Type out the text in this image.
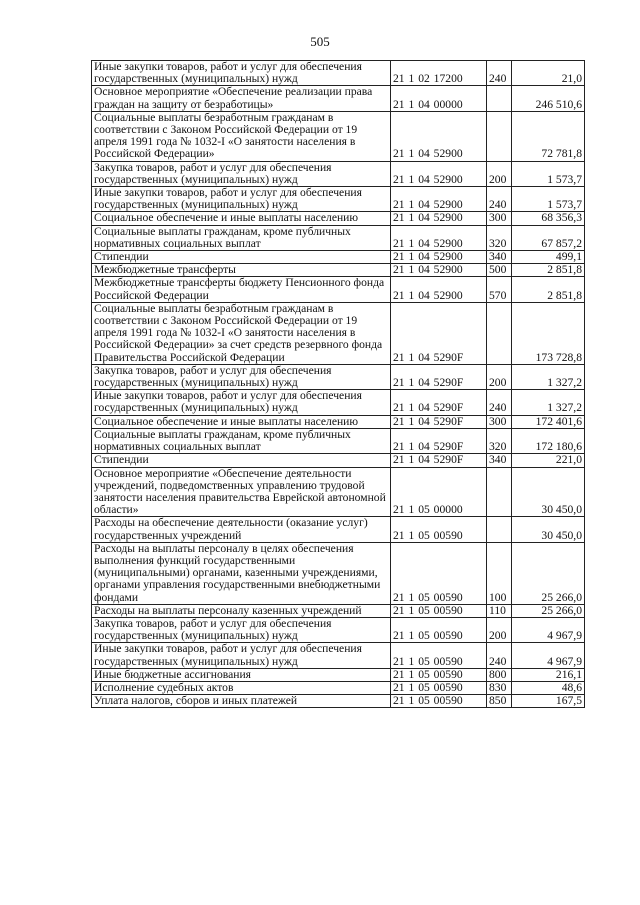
505
Иные закупки товаров, работ и услуг для обеспечения государственных (муниципальных) нужд	21 1 02 17200	240	21,0
Основное мероприятие «Обеспечение реализации права граждан на защиту от безработицы»	21 1 04 00000		246 510,6
Социальные выплаты безработным гражданам в соответствии с Законом Российской Федерации от 19 апреля 1991 года № 1032-I «О занятости населения в Российской Федерации»	21 1 04 52900		72 781,8
Закупка товаров, работ и услуг для обеспечения государственных (муниципальных) нужд	21 1 04 52900	200	1 573,7
Иные закупки товаров, работ и услуг для обеспечения государственных (муниципальных) нужд	21 1 04 52900	240	1 573,7
Социальное обеспечение и иные выплаты населению	21 1 04 52900	300	68 356,3
Социальные выплаты гражданам, кроме публичных нормативных социальных выплат	21 1 04 52900	320	67 857,2
Стипендии	21 1 04 52900	340	499,1
Межбюджетные трансферты	21 1 04 52900	500	2 851,8
Межбюджетные трансферты бюджету Пенсионного фонда Российской Федерации	21 1 04 52900	570	2 851,8
Социальные выплаты безработным гражданам в соответствии с Законом Российской Федерации от 19 апреля 1991 года № 1032-I «О занятости населения в Российской Федерации» за счет средств резервного фонда Правительства Российской Федерации	21 1 04 5290F		173 728,8
Закупка товаров, работ и услуг для обеспечения государственных (муниципальных) нужд	21 1 04 5290F	200	1 327,2
Иные закупки товаров, работ и услуг для обеспечения государственных (муниципальных) нужд	21 1 04 5290F	240	1 327,2
Социальное обеспечение и иные выплаты населению	21 1 04 5290F	300	172 401,6
Социальные выплаты гражданам, кроме публичных нормативных социальных выплат	21 1 04 5290F	320	172 180,6
Стипендии	21 1 04 5290F	340	221,0
Основное мероприятие «Обеспечение деятельности учреждений, подведомственных управлению трудовой занятости населения правительства Еврейской автономной области»	21 1 05 00000		30 450,0
Расходы на обеспечение деятельности (оказание услуг) государственных учреждений	21 1 05 00590		30 450,0
Расходы на выплаты персоналу в целях обеспечения выполнения функций государственными (муниципальными) органами, казенными учреждениями, органами управления государственными внебюджетными фондами	21 1 05 00590	100	25 266,0
Расходы на выплаты персоналу казенных учреждений	21 1 05 00590	110	25 266,0
Закупка товаров, работ и услуг для обеспечения государственных (муниципальных) нужд	21 1 05 00590	200	4 967,9
Иные закупки товаров, работ и услуг для обеспечения государственных (муниципальных) нужд	21 1 05 00590	240	4 967,9
Иные бюджетные ассигнования	21 1 05 00590	800	216,1
Исполнение судебных актов	21 1 05 00590	830	48,6
Уплата налогов, сборов и иных платежей	21 1 05 00590	850	167,5
